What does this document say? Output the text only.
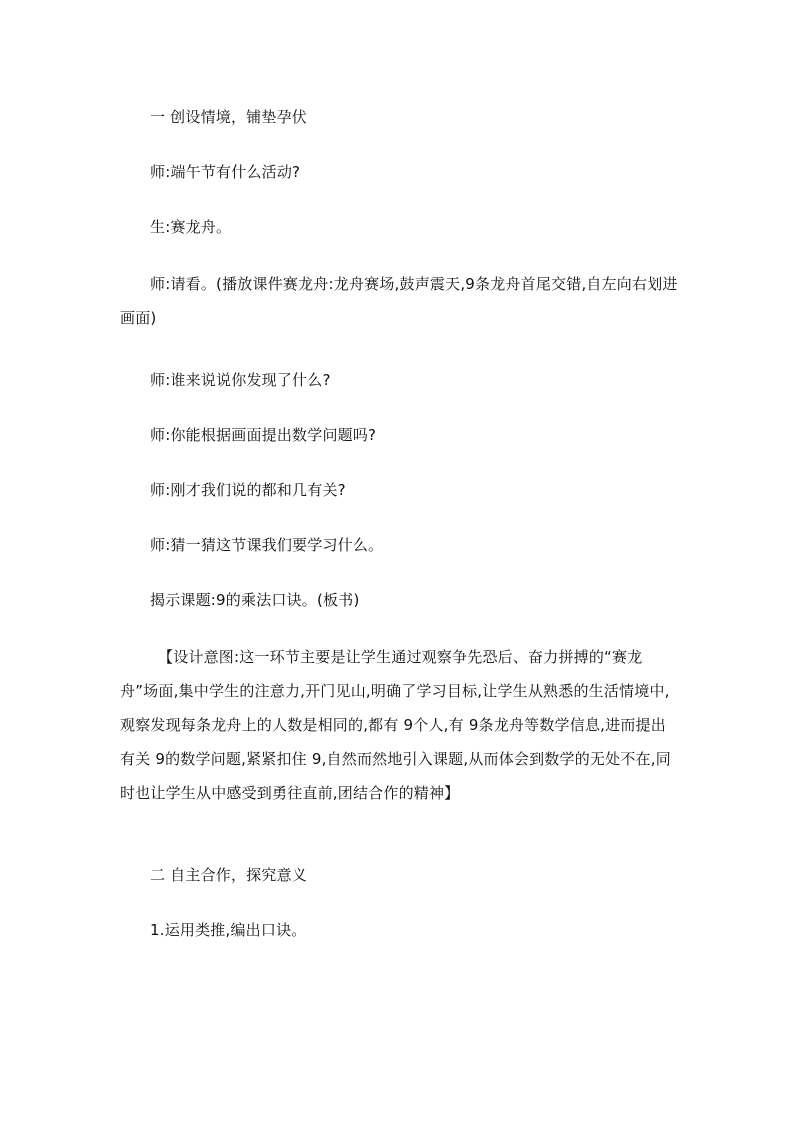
一 创设情境，铺垫孕伏
师:端午节有什么活动?
生:赛龙舟。
师:请看。(播放课件赛龙舟:龙舟赛场,鼓声震天,9条龙舟首尾交错,自左向右划进画面)
师:谁来说说你发现了什么?
师:你能根据画面提出数学问题吗?
师:刚才我们说的都和几有关?
师:猜一猜这节课我们要学习什么。
揭示课题:9的乘法口诀。(板书)
【设计意图:这一环节主要是让学生通过观察争先恐后、奋力拼搏的“赛龙舟”场面,集中学生的注意力,开门见山,明确了学习目标,让学生从熟悉的生活情境中,观察发现每条龙舟上的人数是相同的,都有 9个人,有 9条龙舟等数学信息,进而提出有关 9的数学问题,紧紧扣住 9,自然而然地引入课题,从而体会到数学的无处不在,同时也让学生从中感受到勇往直前,团结合作的精神】
二 自主合作，探究意义
1.运用类推,编出口诀。
